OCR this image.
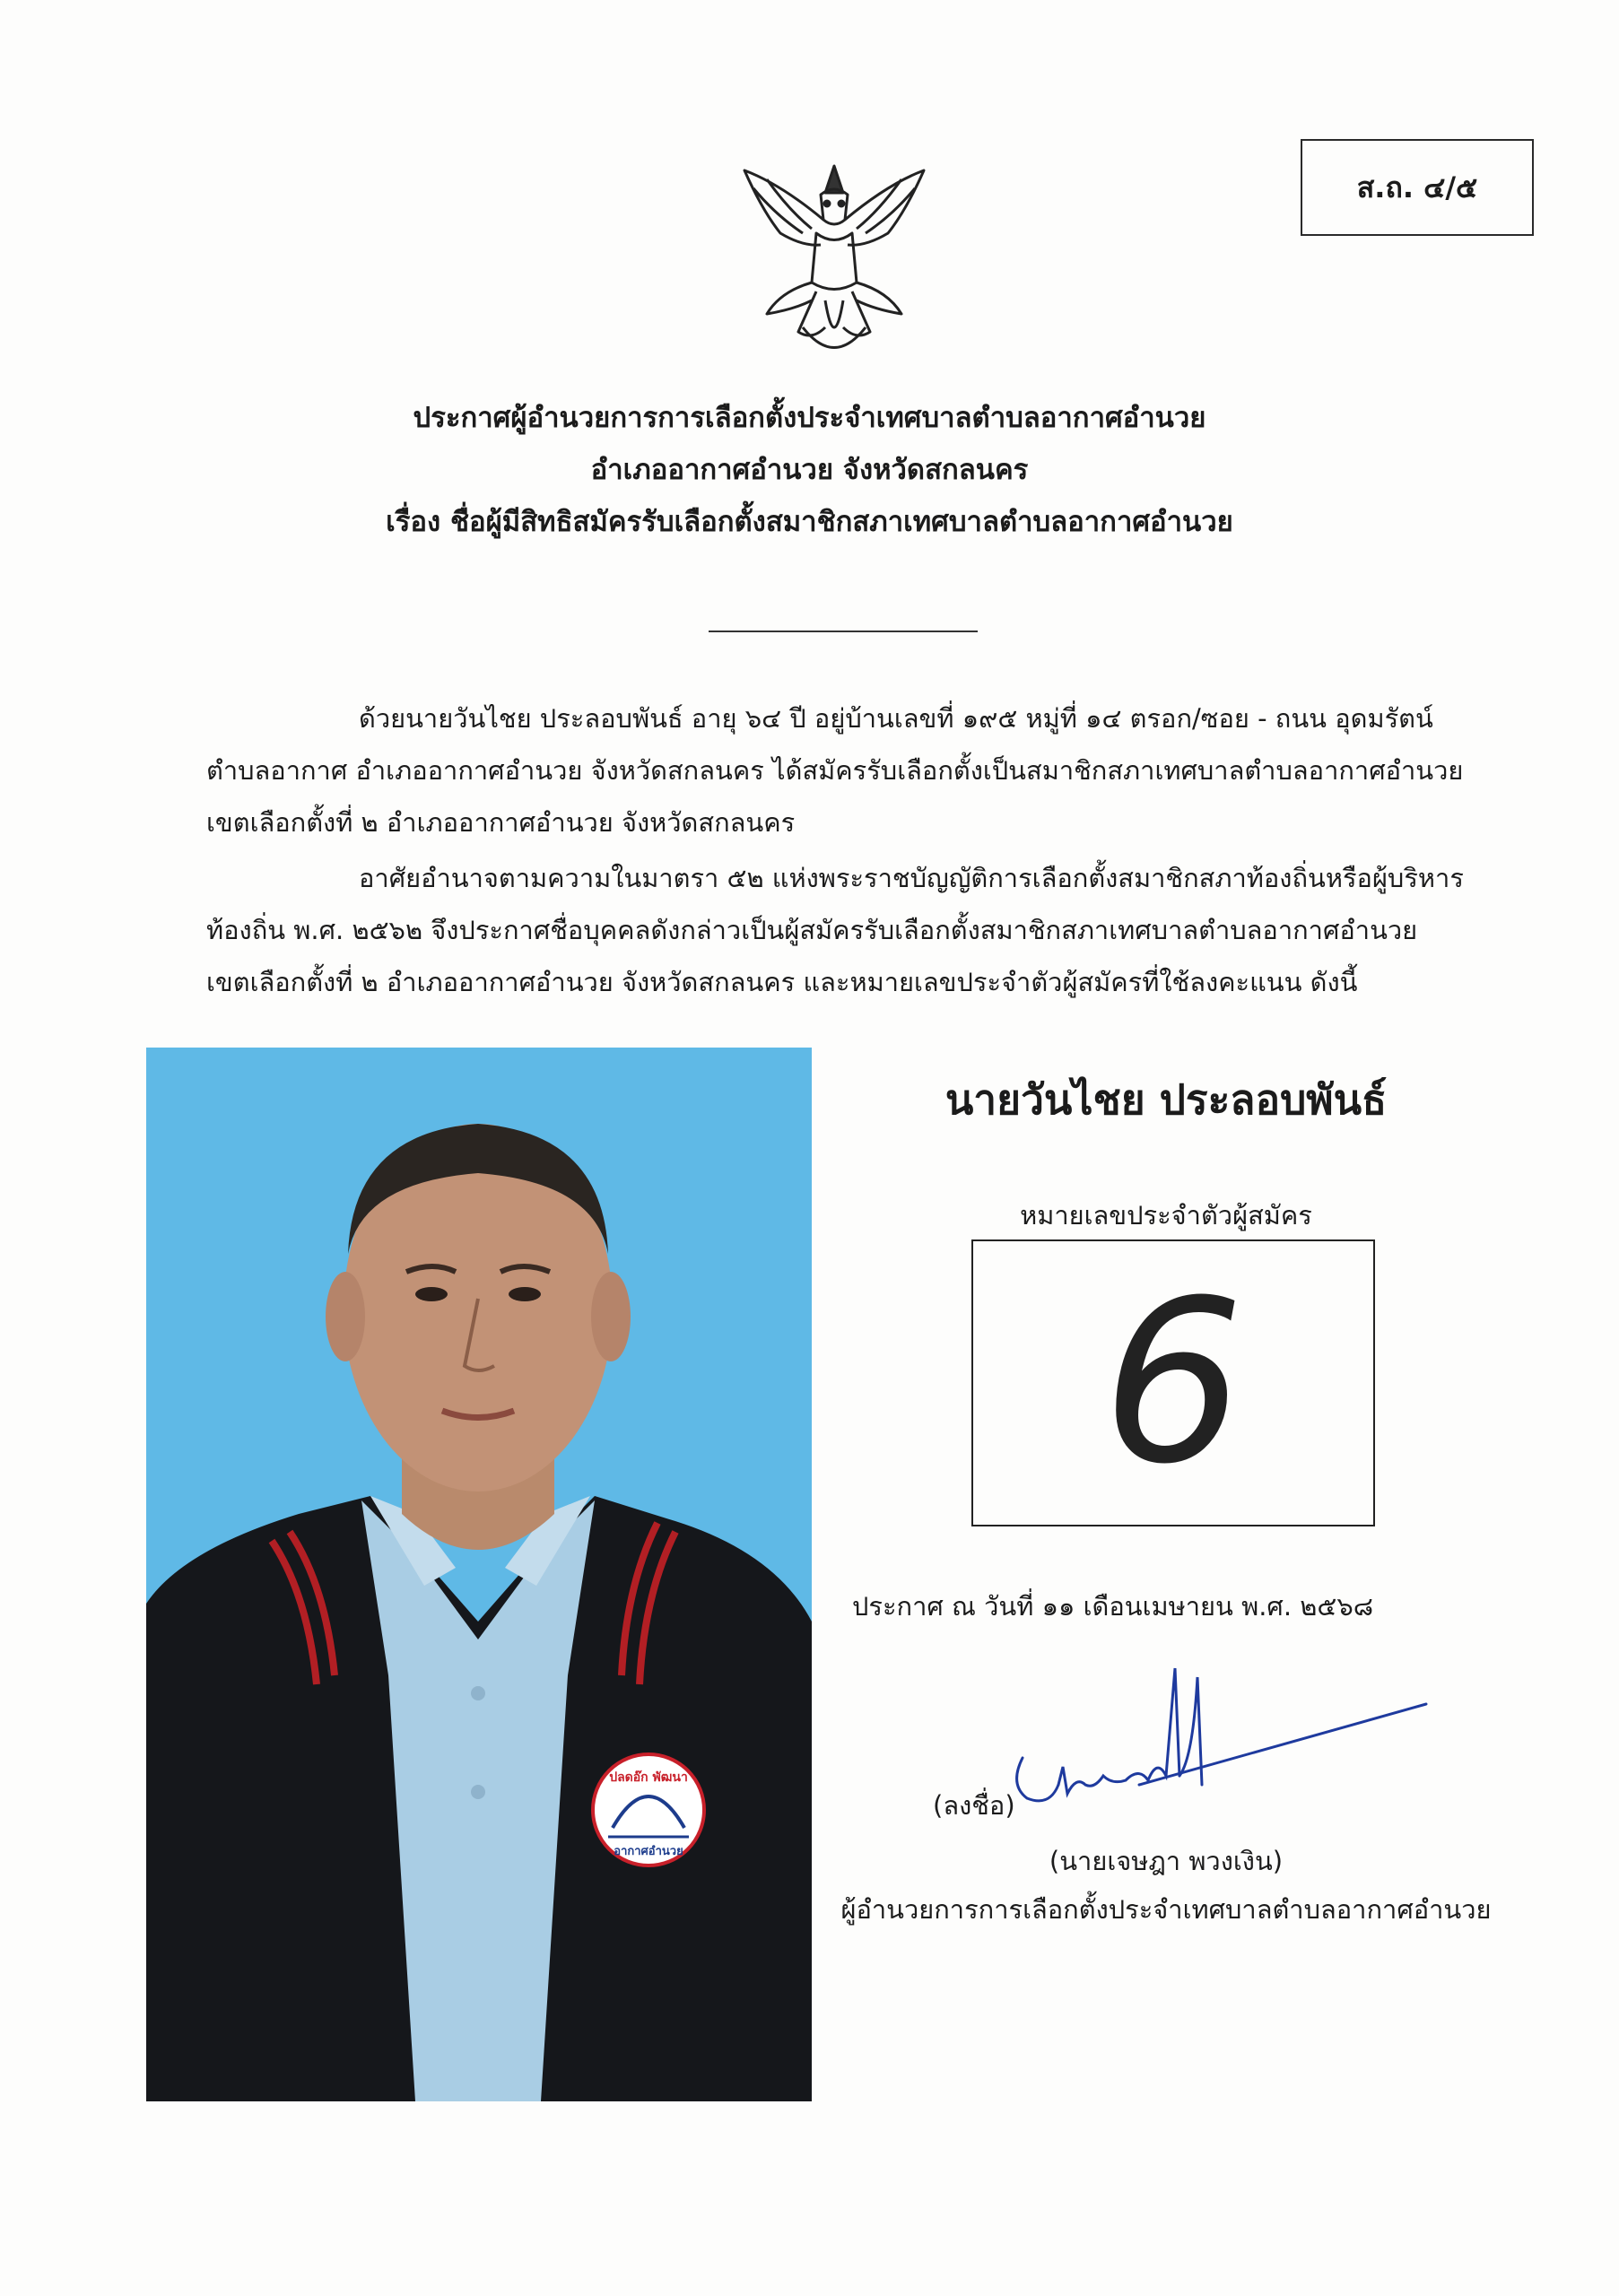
ส.ถ. ๔/๕
ประกาศผู้อำนวยการการเลือกตั้งประจำเทศบาลตำบลอากาศอำนวย
อำเภออากาศอำนวย จังหวัดสกลนคร
เรื่อง ชื่อผู้มีสิทธิสมัครรับเลือกตั้งสมาชิกสภาเทศบาลตำบลอากาศอำนวย
ด้วยนายวันไชย ประลอบพันธ์ อายุ ๖๔ ปี อยู่บ้านเลขที่ ๑๙๕ หมู่ที่ ๑๔ ตรอก/ซอย - ถนน อุดมรัตน์
ตำบลอากาศ อำเภออากาศอำนวย จังหวัดสกลนคร ได้สมัครรับเลือกตั้งเป็นสมาชิกสภาเทศบาลตำบลอากาศอำนวย
เขตเลือกตั้งที่ ๒ อำเภออากาศอำนวย จังหวัดสกลนคร
อาศัยอำนาจตามความในมาตรา ๕๒ แห่งพระราชบัญญัติการเลือกตั้งสมาชิกสภาท้องถิ่นหรือผู้บริหาร
ท้องถิ่น พ.ศ. ๒๕๖๒ จึงประกาศชื่อบุคคลดังกล่าวเป็นผู้สมัครรับเลือกตั้งสมาชิกสภาเทศบาลตำบลอากาศอำนวย
เขตเลือกตั้งที่ ๒ อำเภออากาศอำนวย จังหวัดสกลนคร และหมายเลขประจำตัวผู้สมัครที่ใช้ลงคะแนน ดังนี้
ปลดอ๊ก พัฒนา
อากาศอำนวย
นายวันไชย ประลอบพันธ์
หมายเลขประจำตัวผู้สมัคร
6
ประกาศ ณ วันที่ ๑๑ เดือนเมษายน พ.ศ. ๒๕๖๘
(ลงชื่อ)
(นายเจษฎา พวงเงิน)
ผู้อำนวยการการเลือกตั้งประจำเทศบาลตำบลอากาศอำนวย
